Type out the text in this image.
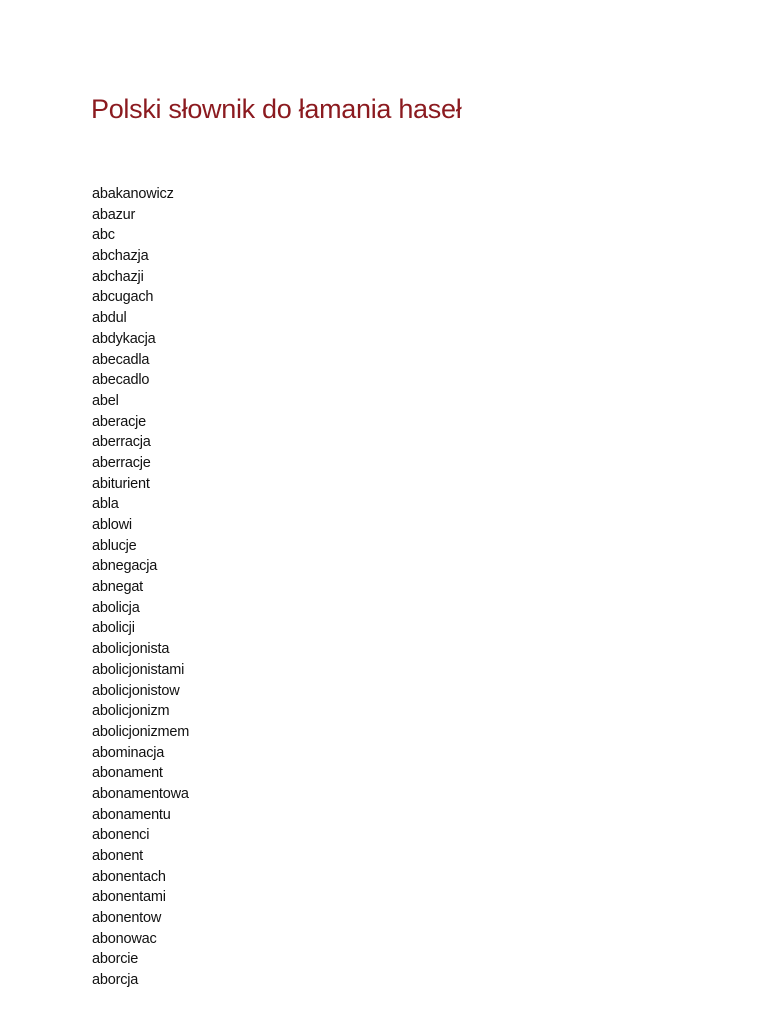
Polski słownik do łamania haseł
abakanowicz
abazur
abc
abchazja
abchazji
abcugach
abdul
abdykacja
abecadla
abecadlo
abel
aberacje
aberracja
aberracje
abiturient
abla
ablowi
ablucje
abnegacja
abnegat
abolicja
abolicji
abolicjonista
abolicjonistami
abolicjonistow
abolicjonizm
abolicjonizmem
abominacja
abonament
abonamentowa
abonamentu
abonenci
abonent
abonentach
abonentami
abonentow
abonowac
aborcie
aborcja
